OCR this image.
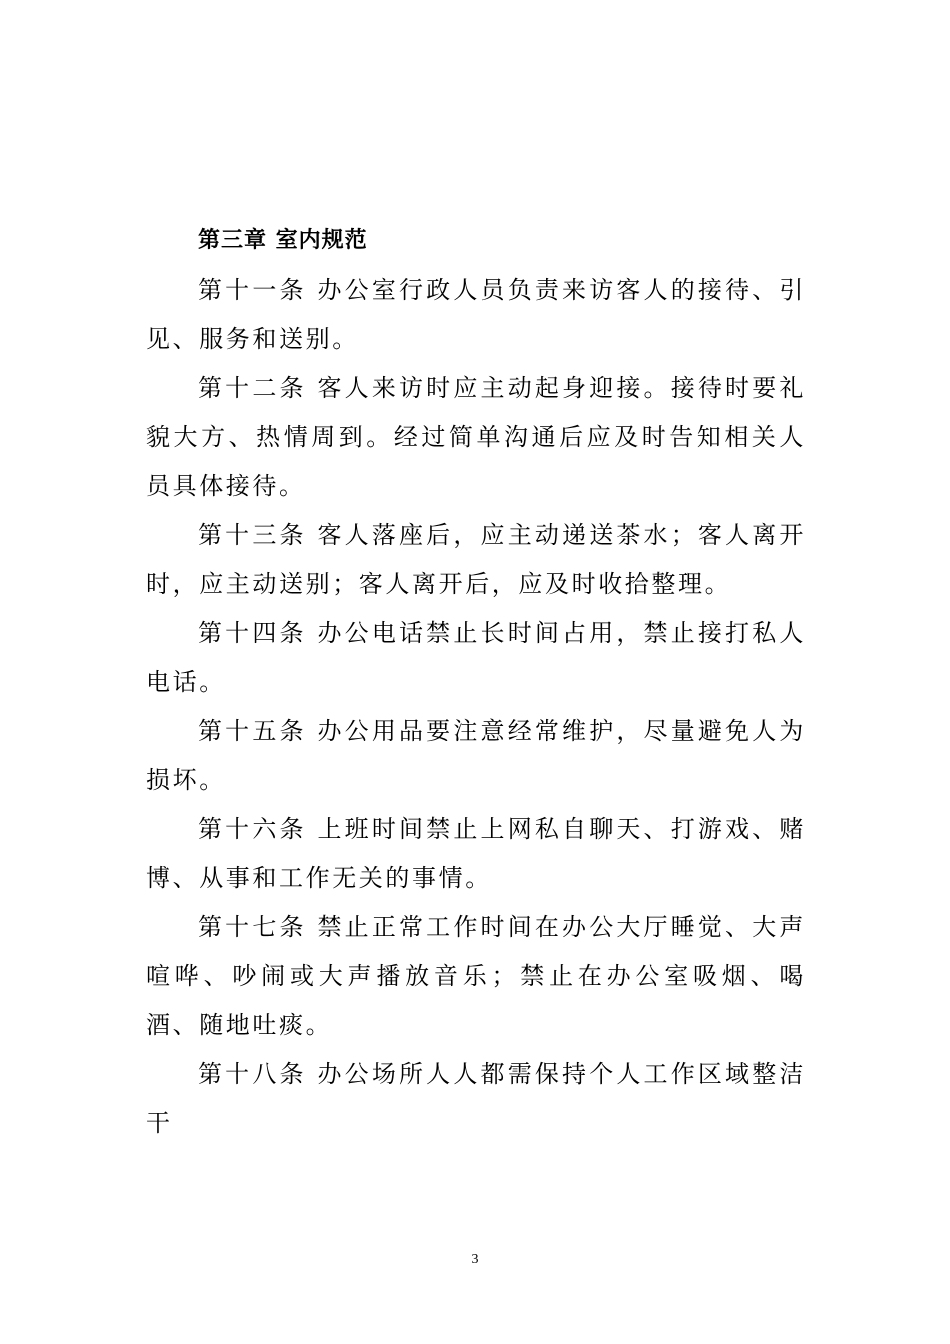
第三章 室内规范

第十一条 办公室行政人员负责来访客人的接待、引见、服务和送别。

第十二条 客人来访时应主动起身迎接。接待时要礼貌大方、热情周到。经过简单沟通后应及时告知相关人员具体接待。

第十三条 客人落座后，应主动递送茶水；客人离开时，应主动送别；客人离开后，应及时收拾整理。

第十四条 办公电话禁止长时间占用，禁止接打私人电话。

第十五条 办公用品要注意经常维护，尽量避免人为损坏。

第十六条 上班时间禁止上网私自聊天、打游戏、赌博、从事和工作无关的事情。

第十七条 禁止正常工作时间在办公大厅睡觉、大声喧哗、吵闹或大声播放音乐；禁止在办公室吸烟、喝酒、随地吐痰。

第十八条 办公场所人人都需保持个人工作区域整洁干

3
